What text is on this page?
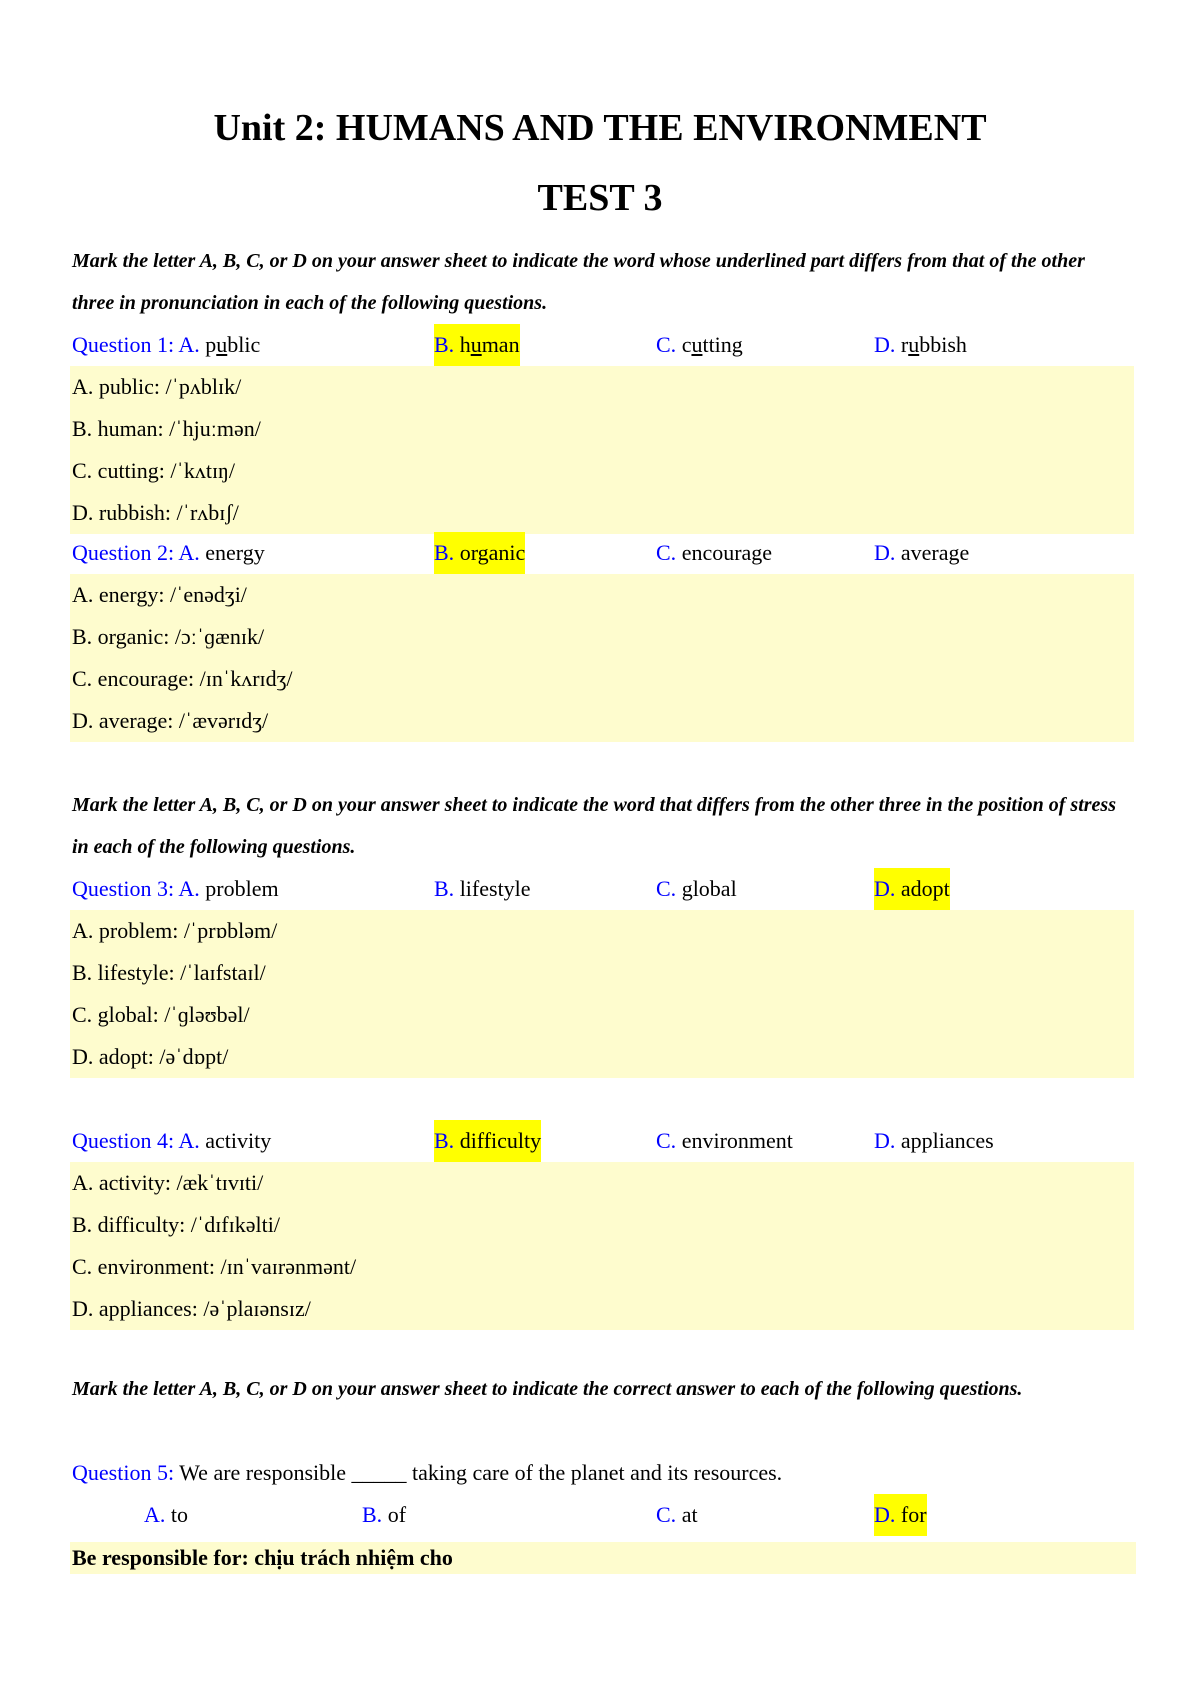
Unit 2: HUMANS AND THE ENVIRONMENT
TEST 3
Mark the letter A, B, C, or D on your answer sheet to indicate the word whose underlined part differs from that of the other three in pronunciation in each of the following questions.
Question 1: A. public	B. human	C. cutting	D. rubbish
A. public: /ˈpʌblɪk/
B. human: /ˈhjuːmən/
C. cutting: /ˈkʌtɪŋ/
D. rubbish: /ˈrʌbɪʃ/
Question 2: A. energy	B. organic	C. encourage	D. average
A. energy: /ˈenədʒi/
B. organic: /ɔːˈɡænɪk/
C. encourage: /ɪnˈkʌrɪdʒ/
D. average: /ˈævərɪdʒ/
Mark the letter A, B, C, or D on your answer sheet to indicate the word that differs from the other three in the position of stress in each of the following questions.
Question 3: A. problem	B. lifestyle	C. global	D. adopt
A. problem: /ˈprɒbləm/
B. lifestyle: /ˈlaɪfstaɪl/
C. global: /ˈɡləʊbəl/
D. adopt: /əˈdɒpt/
Question 4: A. activity	B. difficulty	C. environment	D. appliances
A. activity: /ækˈtɪvɪti/
B. difficulty: /ˈdɪfɪkəlti/
C. environment: /ɪnˈvaɪrənmənt/
D. appliances: /əˈplaɪənsɪz/
Mark the letter A, B, C, or D on your answer sheet to indicate the correct answer to each of the following questions.
Question 5: We are responsible _____ taking care of the planet and its resources.
A. to	B. of	C. at	D. for
Be responsible for: chịu trách nhiệm cho
